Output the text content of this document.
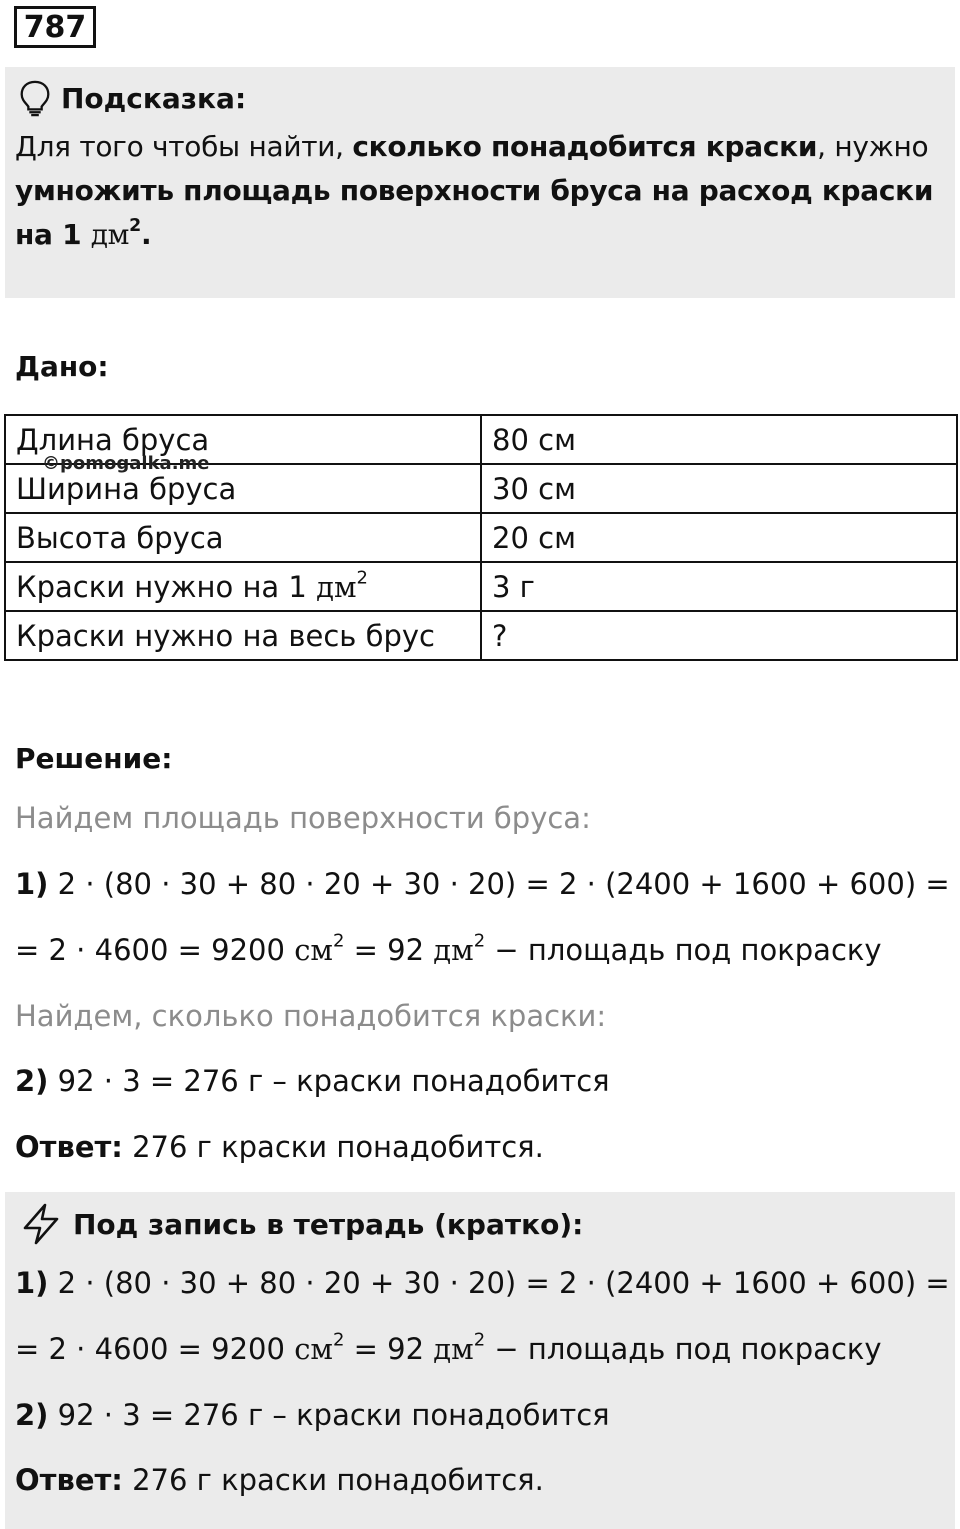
787
Подсказка:
Для того чтобы найти, сколько понадобится краски, нужно
умножить площадь поверхности бруса на расход краски
на 1 $дм^2$.
Дано:
Длина бруса	80 см
Ширина бруса	30 см
Высота бруса	20 см
Краски нужно на 1 $дм^2$	3 г
Краски нужно на весь брус	?
©pomogalka.me
Решение:
Найдем площадь поверхности бруса:
1) 2 · (80 · 30 + 80 · 20 + 30 · 20) = 2 · (2400 + 1600 + 600) =
= 2 · 4600 = 9200 $см^2 = 92$ $дм^2$ − площадь под покраску
Найдем, сколько понадобится краски:
2) 92 · 3 = 276 г – краски понадобится
Ответ: 276 г краски понадобится.
Под запись в тетрадь (кратко):
1) 2 · (80 · 30 + 80 · 20 + 30 · 20) = 2 · (2400 + 1600 + 600) =
= 2 · 4600 = 9200 $см^2 = 92$ $дм^2$ − площадь под покраску
2) 92 · 3 = 276 г – краски понадобится
Ответ: 276 г краски понадобится.
